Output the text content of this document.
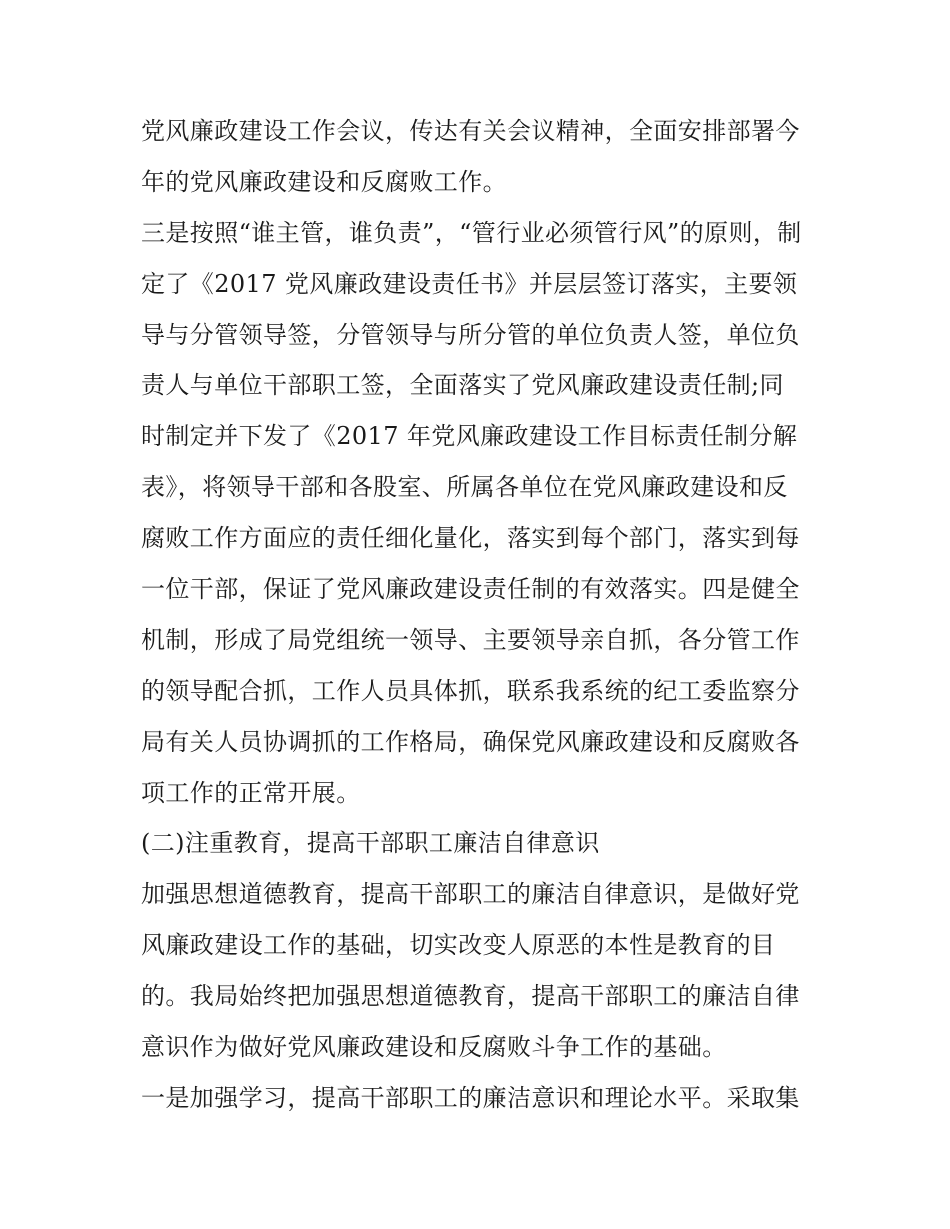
党风廉政建设工作会议，传达有关会议精神，全面安排部署今
年的党风廉政建设和反腐败工作。
三是按照“谁主管，谁负责”，“管行业必须管行风”的原则，制
定了《2017 党风廉政建设责任书》并层层签订落实，主要领
导与分管领导签，分管领导与所分管的单位负责人签，单位负
责人与单位干部职工签，全面落实了党风廉政建设责任制;同
时制定并下发了《2017 年党风廉政建设工作目标责任制分解
表》，将领导干部和各股室、所属各单位在党风廉政建设和反
腐败工作方面应的责任细化量化，落实到每个部门，落实到每
一位干部，保证了党风廉政建设责任制的有效落实。四是健全
机制，形成了局党组统一领导、主要领导亲自抓，各分管工作
的领导配合抓，工作人员具体抓，联系我系统的纪工委监察分
局有关人员协调抓的工作格局，确保党风廉政建设和反腐败各
项工作的正常开展。
(二)注重教育，提高干部职工廉洁自律意识
加强思想道德教育，提高干部职工的廉洁自律意识，是做好党
风廉政建设工作的基础，切实改变人原恶的本性是教育的目
的。我局始终把加强思想道德教育，提高干部职工的廉洁自律
意识作为做好党风廉政建设和反腐败斗争工作的基础。
一是加强学习，提高干部职工的廉洁意识和理论水平。采取集
